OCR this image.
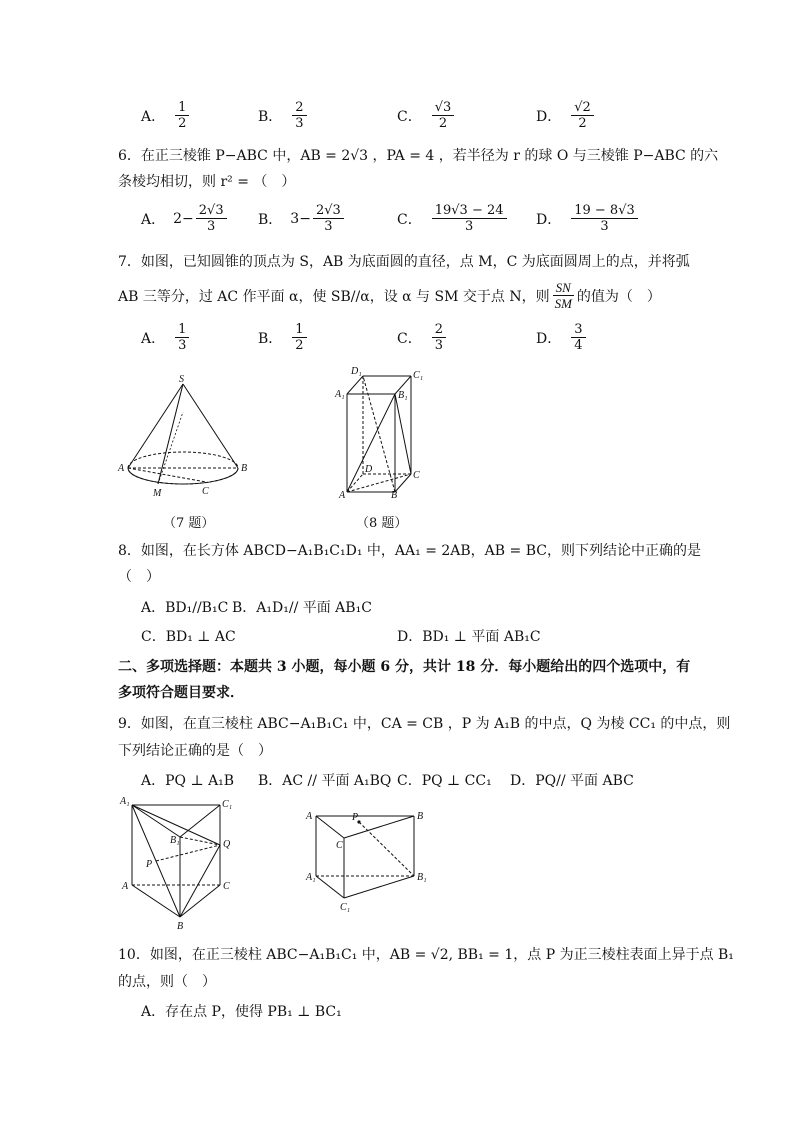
A． $\frac{1}{2}$	B． $\frac{2}{3}$	C． $\frac{√3}{2}$	D． $\frac{√2}{2}$
6．在正三棱锥 P−ABC 中，AB = 2√3 ，PA = 4 ，若半径为 r 的球 O 与三棱锥 P−ABC 的六
条棱均相切，则 r² = （　）
A． $2- \frac{2√3}{3}$ B． $3- \frac{2√3}{3}$	C． $\frac{19√3 - 24}{3}$ D． $\frac{19 - 8√3}{3}$
7．如图，已知圆锥的顶点为 S，AB 为底面圆的直径，点 M，C 为底面圆周上的点，并将弧
AB 三等分，过 AC 作平面 α，使 SB//α，设 α 与 SM 交于点 N，则 $\frac{SN}{SM}$ 的值为（　）
A． $\frac{1}{3}$	B． $\frac{1}{2}$	C． $\frac{2}{3}$	D． $\frac{3}{4}$
S
A	B
M	C
（7 题）
D₁	C₁
A₁	B₁
D
C
A	B
（8 题）
8．如图，在长方体 ABCD−A₁B₁C₁D₁ 中，AA₁ = 2AB，AB = BC，则下列结论中正确的是
（　）
A．BD₁//B₁C B．A₁D₁// 平面 AB₁C
C．BD₁ ⊥ AC	D．BD₁ ⊥ 平面 AB₁C
二、多项选择题：本题共 3 小题，每小题 6 分，共计 18 分．每小题给出的四个选项中，有
多项符合题目要求．
9．如图，在直三棱柱 ABC−A₁B₁C₁ 中，CA = CB ，P 为 A₁B 的中点，Q 为棱 CC₁ 的中点，则
下列结论正确的是（　）
A．PQ ⊥ A₁B B．AC // 平面 A₁BQ C．PQ ⊥ CC₁ D．PQ// 平面 ABC
A₁	C₁
B₁	Q
P
A	C
B
A	P	B
C
A₁	B₁
C₁
10．如图，在正三棱柱 ABC−A₁B₁C₁ 中，AB = √2, BB₁ = 1，点 P 为正三棱柱表面上异于点 B₁
的点，则（　）
A．存在点 P，使得 PB₁ ⊥ BC₁
